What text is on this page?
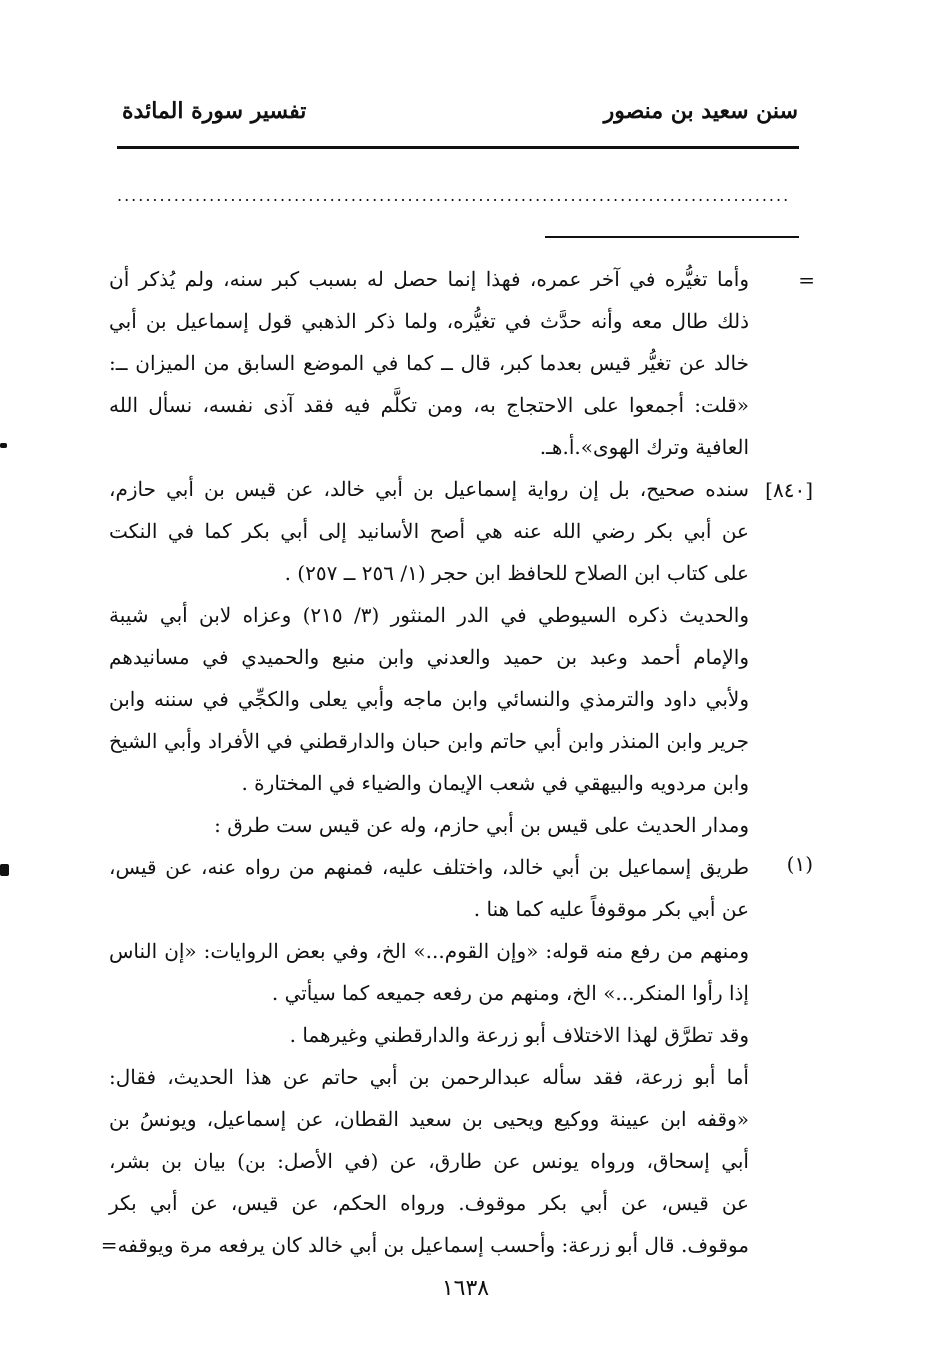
سنن سعيد بن منصور
تفسير سورة المائدة
...............................................................................................
=
[٨٤٠]
(١)
وأما تغيُّره في آخر عمره، فهذا إنما حصل له بسبب كبر سنه، ولم يُذكر أن
ذلك طال معه وأنه حدَّث في تغيُّره، ولما ذكر الذهبي قول إسماعيل بن أبي
خالد عن تغيُّر قيس بعدما كبر، قال ــ كما في الموضع السابق من الميزان ــ:
«قلت: أجمعوا على الاحتجاج به، ومن تكلَّم فيه فقد آذى نفسه، نسأل الله
العافية وترك الهوى».أ.هـ.
سنده صحيح، بل إن رواية إسماعيل بن أبي خالد، عن قيس بن أبي حازم،
عن أبي بكر رضي الله عنه هي أصح الأسانيد إلى أبي بكر كما في النكت
على كتاب ابن الصلاح للحافظ ابن حجر (١/ ٢٥٦ ــ ٢٥٧) .
والحديث ذكره السيوطي في الدر المنثور (٣/ ٢١٥) وعزاه لابن أبي شيبة
والإمام أحمد وعبد بن حميد والعدني وابن منيع والحميدي في مسانيدهم
ولأبي داود والترمذي والنسائي وابن ماجه وأبي يعلى والكجِّي في سننه وابن
جرير وابن المنذر وابن أبي حاتم وابن حبان والدارقطني في الأفراد وأبي الشيخ
وابن مردويه والبيهقي في شعب الإيمان والضياء في المختارة .
ومدار الحديث على قيس بن أبي حازم، وله عن قيس ست طرق :
طريق إسماعيل بن أبي خالد، واختلف عليه، فمنهم من رواه عنه، عن قيس،
عن أبي بكر موقوفاً عليه كما هنا .
ومنهم من رفع منه قوله: «وإن القوم...» الخ، وفي بعض الروايات: «إن الناس
إذا رأوا المنكر...» الخ، ومنهم من رفعه جميعه كما سيأتي .
وقد تطرَّق لهذا الاختلاف أبو زرعة والدارقطني وغيرهما .
أما أبو زرعة، فقد سأله عبدالرحمن بن أبي حاتم عن هذا الحديث، فقال:
«وقفه ابن عيينة ووكيع ويحيى بن سعيد القطان، عن إسماعيل، ويونسُ بن
أبي إسحاق، ورواه يونس عن طارق، عن (في الأصل: بن) بيان بن بشر،
عن قيس، عن أبي بكر موقوف. ورواه الحكم، عن قيس، عن أبي بكر
موقوف. قال أبو زرعة: وأحسب إسماعيل بن أبي خالد كان يرفعه مرة ويوقفه=
١٦٣٨
